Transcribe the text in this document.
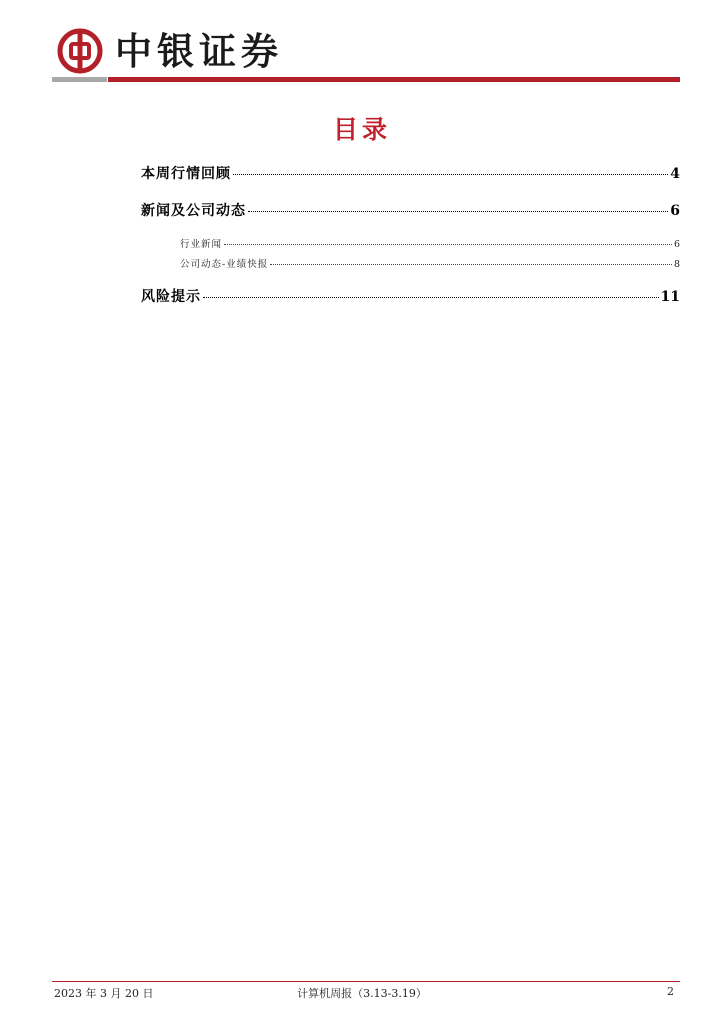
中银证券
目录
本周行情回顾	4
新闻及公司动态	6
行业新闻	6
公司动态-业绩快报	8
风险提示	11
2023 年 3 月 20 日	计算机周报（3.13-3.19）	2
